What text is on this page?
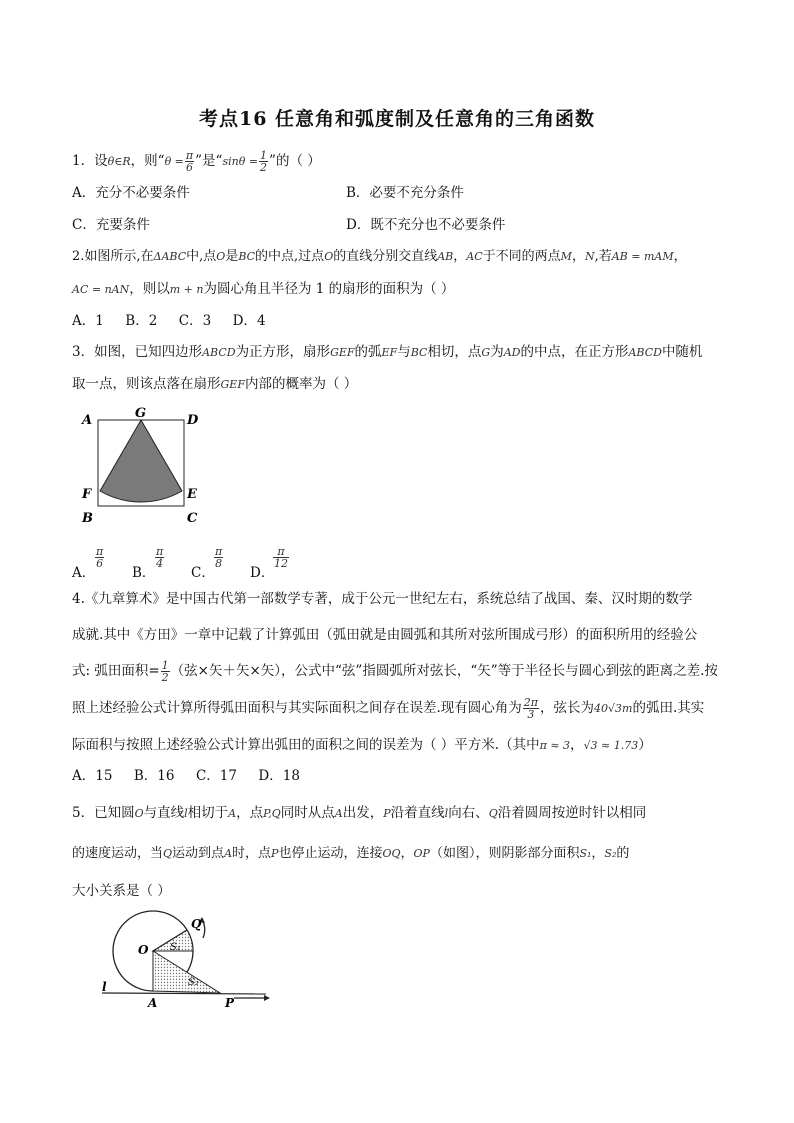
考点16 任意角和弧度制及任意角的三角函数
1．设θ∈R，则“$\theta = \frac{\pi}{6}$ ”是“$\sin\theta = \frac{1}{2}$ ”的（ ）
A．充分不必要条件	B．必要不充分条件
C．充要条件	D．既不充分也不必要条件
2.如图所示,在ΔABC中,点O是BC的中点,过点O的直线分别交直线AB，AC于不同的两点M，N,若AB = mAM，
AC = nAN，则以m + n为圆心角且半径为 1 的扇形的面积为（ ）
A．1     B．2     C．3     D．4
3．如图，已知四边形ABCD为正方形，扇形GEF的弧EF与BC相切，点G为AD的中点，在正方形ABCD中随机
取一点，则该点落在扇形GEF内部的概率为（ ）
A	G	D
F	E
B	C
A．
$\frac{\pi}{6}$
B．
$\frac{\pi}{4}$
C．
$\frac{\pi}{8}$
D．
$\frac{\pi}{12}$
4.《九章算术》是中国古代第一部数学专著，成于公元一世纪左右，系统总结了战国、秦、汉时期的数学
成就.其中《方田》一章中记载了计算弧田（弧田就是由圆弧和其所对弦所围成弓形）的面积所用的经验公
式: 弧田面积= $\frac{1}{2}$ （弦×矢＋矢×矢），公式中“弦”指圆弧所对弦长，“矢”等于半径长与圆心到弦的距离之差.按
照上述经验公式计算所得弧田面积与其实际面积之间存在误差.现有圆心角为 $\frac{2\pi}{3}$ ，弦长为40√3m的弧田.其实
际面积与按照上述经验公式计算出弧田的面积之间的误差为（ ）平方米.（其中π ≈ 3，√3 ≈ 1.73）
A．15     B．16     C．17     D．18
5．已知圆O与直线l相切于A，点P,Q同时从点A出发，P沿着直线l向右、Q沿着圆周按逆时针以相同
的速度运动，当Q运动到点A时，点P也停止运动，连接OQ，OP（如图），则阴影部分面积S₁，S₂的
大小关系是（ ）
Q
O S₁
S₂
l
A	P
